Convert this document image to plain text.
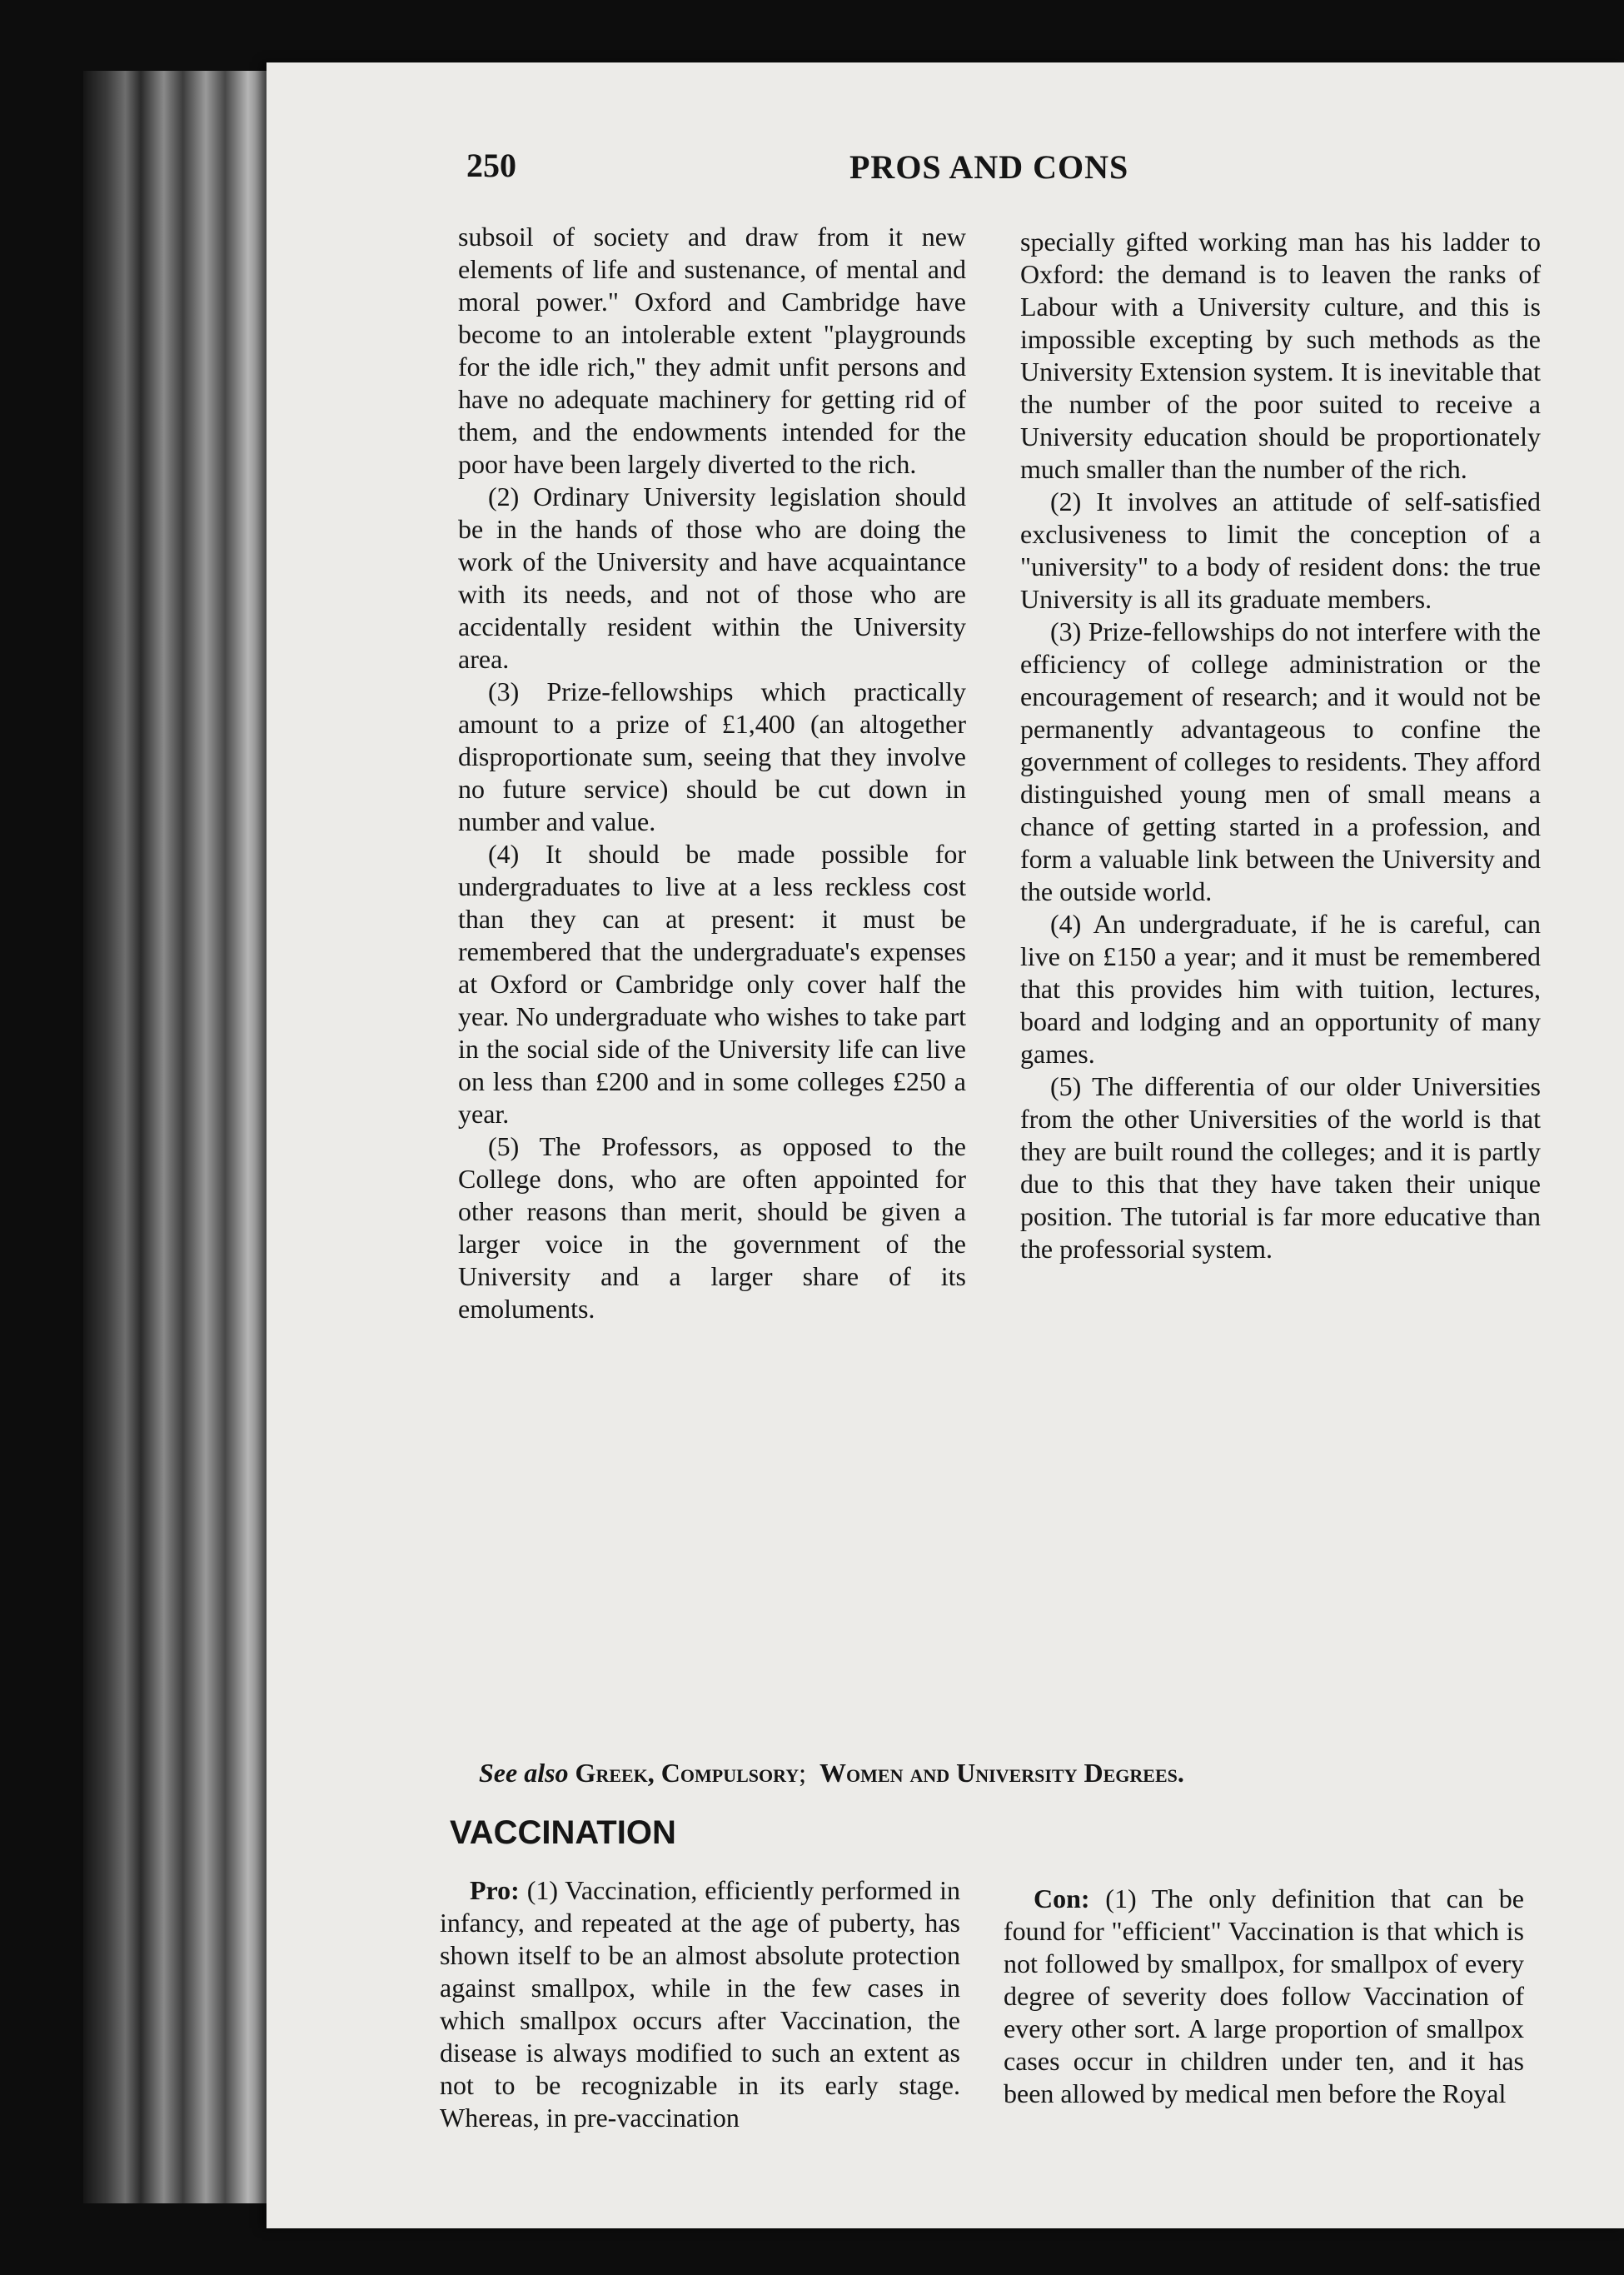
250	PROS AND CONS

subsoil of society and draw from it new elements of life and sustenance, of mental and moral power." Oxford and Cambridge have become to an intolerable extent "playgrounds for the idle rich," they admit unfit persons and have no adequate machinery for getting rid of them, and the endowments intended for the poor have been largely diverted to the rich.

(2) Ordinary University legislation should be in the hands of those who are doing the work of the University and have acquaintance with its needs, and not of those who are accidentally resident within the University area.

(3) Prize-fellowships which practically amount to a prize of £1,400 (an altogether disproportionate sum, seeing that they involve no future service) should be cut down in number and value.

(4) It should be made possible for undergraduates to live at a less reckless cost than they can at present: it must be remembered that the undergraduate's expenses at Oxford or Cambridge only cover half the year. No undergraduate who wishes to take part in the social side of the University life can live on less than £200 and in some colleges £250 a year.

(5) The Professors, as opposed to the College dons, who are often appointed for other reasons than merit, should be given a larger voice in the government of the University and a larger share of its emoluments.

specially gifted working man has his ladder to Oxford: the demand is to leaven the ranks of Labour with a University culture, and this is impossible excepting by such methods as the University Extension system. It is inevitable that the number of the poor suited to receive a University education should be proportionately much smaller than the number of the rich.

(2) It involves an attitude of self-satisfied exclusiveness to limit the conception of a "university" to a body of resident dons: the true University is all its graduate members.

(3) Prize-fellowships do not interfere with the efficiency of college administration or the encouragement of research; and it would not be permanently advantageous to confine the government of colleges to residents. They afford distinguished young men of small means a chance of getting started in a profession, and form a valuable link between the University and the outside world.

(4) An undergraduate, if he is careful, can live on £150 a year; and it must be remembered that this provides him with tuition, lectures, board and lodging and an opportunity of many games.

(5) The differentia of our older Universities from the other Universities of the world is that they are built round the colleges; and it is partly due to this that they have taken their unique position. The tutorial is far more educative than the professorial system.

See also Greek, Compulsory; Women and University Degrees.
VACCINATION

Pro: (1) Vaccination, efficiently performed in infancy, and repeated at the age of puberty, has shown itself to be an almost absolute protection against smallpox, while in the few cases in which smallpox occurs after Vaccination, the disease is always modified to such an extent as not to be recognizable in its early stage. Whereas, in pre-vaccination

Con: (1) The only definition that can be found for "efficient" Vaccination is that which is not followed by smallpox, for smallpox of every degree of severity does follow Vaccination of every other sort. A large proportion of smallpox cases occur in children under ten, and it has been allowed by medical men before the Royal
